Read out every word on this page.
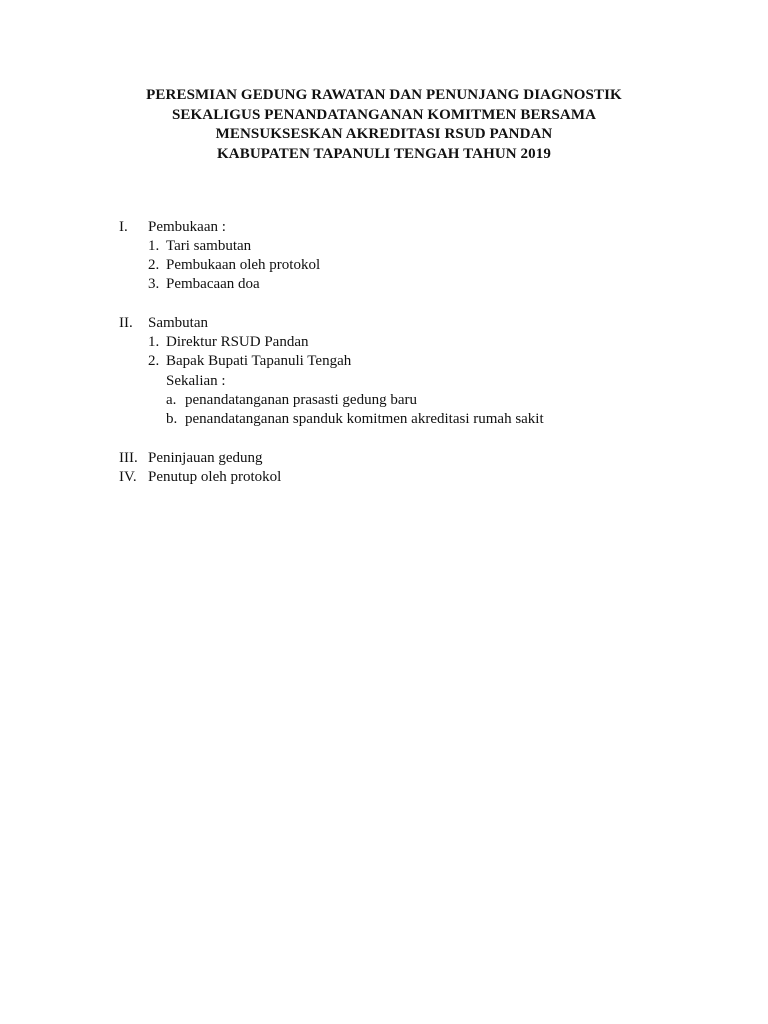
PERESMIAN GEDUNG RAWATAN DAN PENUNJANG DIAGNOSTIK
SEKALIGUS PENANDATANGANAN KOMITMEN BERSAMA
MENSUKSESKAN AKREDITASI RSUD PANDAN
KABUPATEN TAPANULI TENGAH TAHUN 2019
I.	Pembukaan :
1. Tari sambutan
2. Pembukaan oleh protokol
3. Pembacaan doa
II.	Sambutan
1. Direktur RSUD Pandan
2. Bapak Bupati Tapanuli Tengah
Sekalian :
a. penandatanganan prasasti gedung baru
b. penandatanganan spanduk komitmen akreditasi rumah sakit
III. Peninjauan gedung
IV. Penutup oleh protokol
